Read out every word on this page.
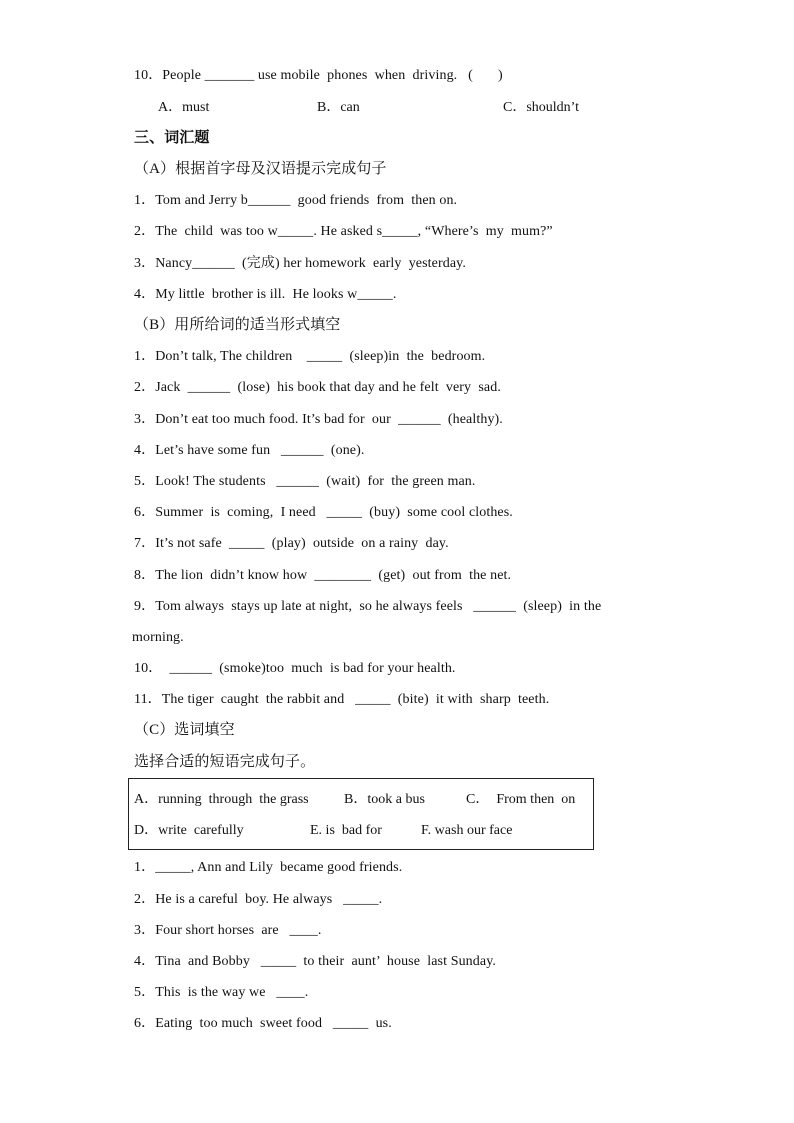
10．People _______ use mobile  phones  when  driving.   (       )
A．must	B．can	C．shouldn’t
三、词汇题
（A）根据首字母及汉语提示完成句子
1．Tom and Jerry b______  good friends  from  then on.
2．The  child  was too w_____. He asked s_____, “Where’s  my  mum?”
3．Nancy______  (完成) her homework  early  yesterday.
4．My little  brother is ill.  He looks w_____.
（B）用所给词的适当形式填空
1．Don’t talk, The children    _____  (sleep)in  the  bedroom.
2．Jack  ______  (lose)  his book that day and he felt  very  sad.
3．Don’t eat too much food. It’s bad for  our  ______  (healthy).
4．Let’s have some fun   ______  (one).
5．Look! The students   ______  (wait)  for  the green man.
6．Summer  is  coming,  I need   _____  (buy)  some cool clothes.
7．It’s not safe  _____  (play)  outside  on a rainy  day.
8．The lion  didn’t know how  ________  (get)  out from  the net.
9．Tom always  stays up late at night,  so he always feels   ______  (sleep)  in the
morning.
10．  ______  (smoke)too  much  is bad for your health.
11．The tiger  caught  the rabbit and   _____  (bite)  it with  sharp  teeth.
（C）选词填空
选择合适的短语完成句子。
A．running  through  the grass	B．took a bus	C．  From then  on
D．write  carefully	E. is  bad for	F. wash our face
1．_____, Ann and Lily  became good friends.
2．He is a careful  boy. He always   _____.
3．Four short horses  are   ____.
4．Tina  and Bobby   _____  to their  aunt’  house  last Sunday.
5．This  is the way we   ____.
6．Eating  too much  sweet food   _____  us.
